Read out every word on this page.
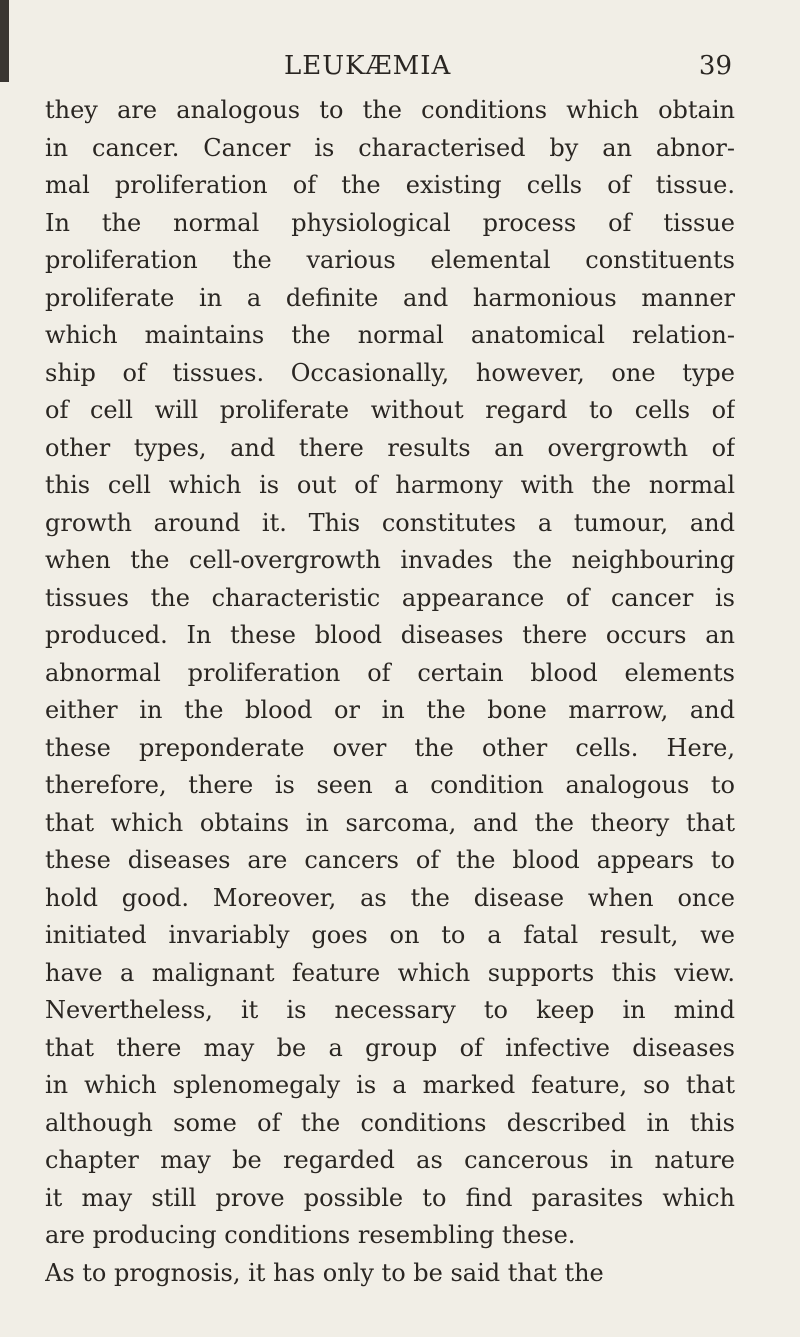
LEUKÆMIA	39
they are analogous to the conditions which obtain
in cancer. Cancer is characterised by an abnor-
mal proliferation of the existing cells of tissue.
In the normal physiological process of tissue
proliferation the various elemental constituents
proliferate in a definite and harmonious manner
which maintains the normal anatomical relation-
ship of tissues. Occasionally, however, one type
of cell will proliferate without regard to cells of
other types, and there results an overgrowth of
this cell which is out of harmony with the normal
growth around it. This constitutes a tumour, and
when the cell-overgrowth invades the neighbouring
tissues the characteristic appearance of cancer is
produced. In these blood diseases there occurs an
abnormal proliferation of certain blood elements
either in the blood or in the bone marrow, and
these preponderate over the other cells. Here,
therefore, there is seen a condition analogous to
that which obtains in sarcoma, and the theory that
these diseases are cancers of the blood appears to
hold good. Moreover, as the disease when once
initiated invariably goes on to a fatal result, we
have a malignant feature which supports this view.
Nevertheless, it is necessary to keep in mind
that there may be a group of infective diseases
in which splenomegaly is a marked feature, so that
although some of the conditions described in this
chapter may be regarded as cancerous in nature
it may still prove possible to find parasites which
are producing conditions resembling these.
As to prognosis, it has only to be said that the
